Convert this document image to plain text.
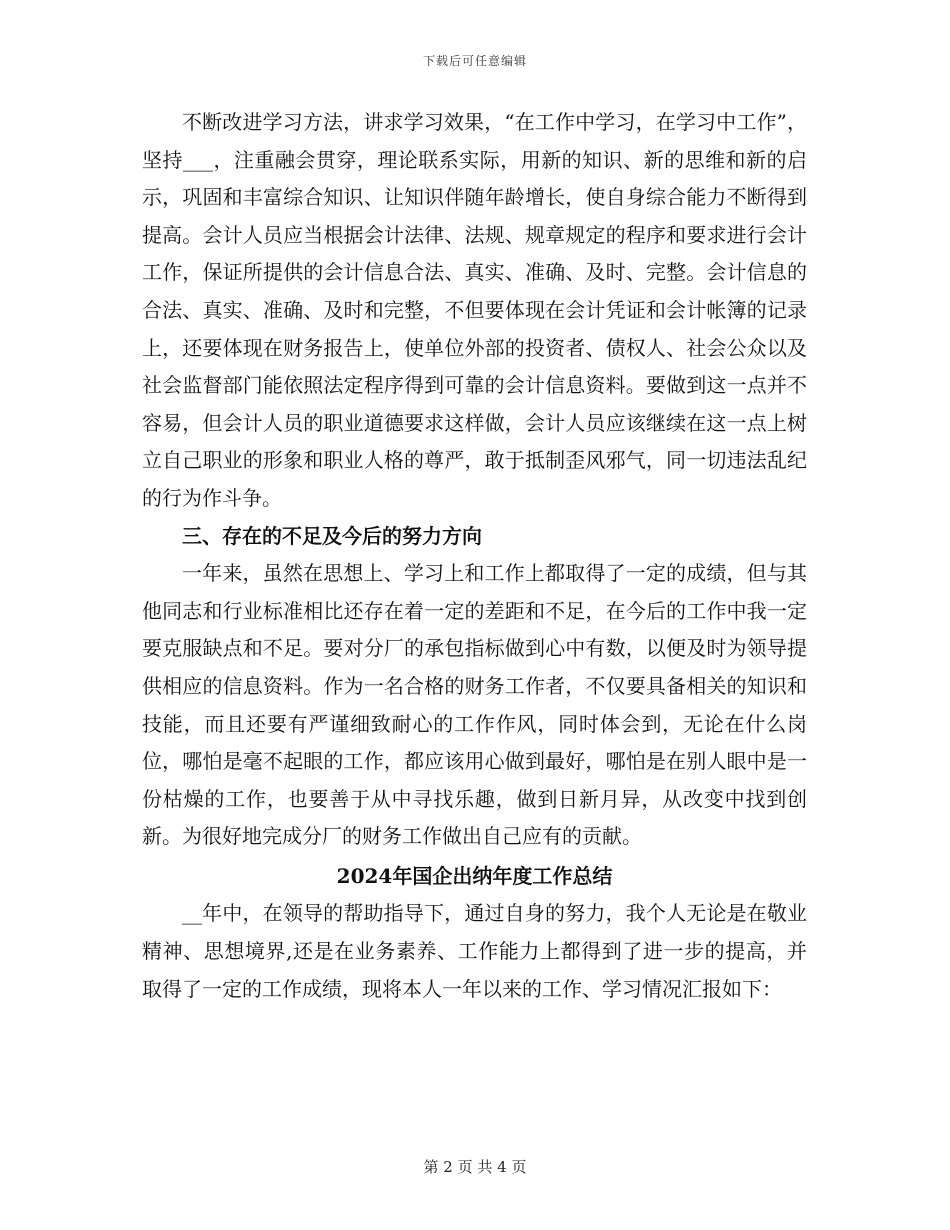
下载后可任意编辑

不断改进学习方法，讲求学习效果，“在工作中学习，在学习中工作”，坚持___，注重融会贯穿，理论联系实际，用新的知识、新的思维和新的启示，巩固和丰富综合知识、让知识伴随年龄增长，使自身综合能力不断得到提高。会计人员应当根据会计法律、法规、规章规定的程序和要求进行会计工作，保证所提供的会计信息合法、真实、准确、及时、完整。会计信息的合法、真实、准确、及时和完整，不但要体现在会计凭证和会计帐簿的记录上，还要体现在财务报告上，使单位外部的投资者、债权人、社会公众以及社会监督部门能依照法定程序得到可靠的会计信息资料。要做到这一点并不容易，但会计人员的职业道德要求这样做，会计人员应该继续在这一点上树立自己职业的形象和职业人格的尊严，敢于抵制歪风邪气，同一切违法乱纪的行为作斗争。

三、存在的不足及今后的努力方向

一年来，虽然在思想上、学习上和工作上都取得了一定的成绩，但与其他同志和行业标准相比还存在着一定的差距和不足，在今后的工作中我一定要克服缺点和不足。要对分厂的承包指标做到心中有数，以便及时为领导提供相应的信息资料。作为一名合格的财务工作者，不仅要具备相关的知识和技能，而且还要有严谨细致耐心的工作作风，同时体会到，无论在什么岗位，哪怕是毫不起眼的工作，都应该用心做到最好，哪怕是在别人眼中是一份枯燥的工作，也要善于从中寻找乐趣，做到日新月异，从改变中找到创新。为很好地完成分厂的财务工作做出自己应有的贡献。

2024年国企出纳年度工作总结

__年中，在领导的帮助指导下，通过自身的努力，我个人无论是在敬业精神、思想境界,还是在业务素养、工作能力上都得到了进一步的提高，并取得了一定的工作成绩，现将本人一年以来的工作、学习情况汇报如下：

第 2 页 共 4 页
